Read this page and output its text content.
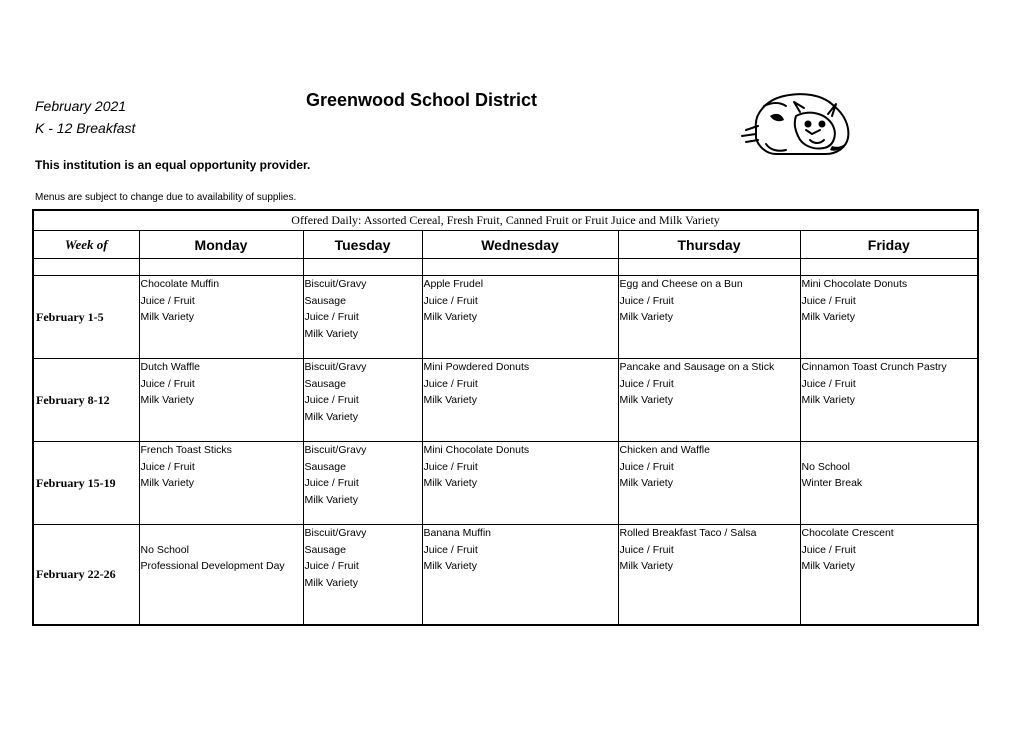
February 2021
K - 12 Breakfast
Greenwood School District
This institution is an equal opportunity provider.
Menus are subject to change due to availability of supplies.
Offered Daily: Assorted Cereal, Fresh Fruit, Canned Fruit or Fruit Juice and Milk Variety					
Week of	Monday	Tuesday	Wednesday	Thursday	Friday

February 1-5	Chocolate Muffin
Juice / Fruit
Milk Variety	Biscuit/Gravy
Sausage
Juice / Fruit
Milk Variety	Apple Frudel
Juice / Fruit
Milk Variety	Egg and Cheese on a Bun
Juice / Fruit
Milk Variety	Mini Chocolate Donuts
Juice / Fruit
Milk Variety

February 8-12	Dutch Waffle
Juice / Fruit
Milk Variety	Biscuit/Gravy
Sausage
Juice / Fruit
Milk Variety	Mini Powdered Donuts
Juice / Fruit
Milk Variety	Pancake and Sausage on a Stick
Juice / Fruit
Milk Variety	Cinnamon Toast Crunch Pastry
Juice / Fruit
Milk Variety

February 15-19	French Toast Sticks
Juice / Fruit
Milk Variety	Biscuit/Gravy
Sausage
Juice / Fruit
Milk Variety	Mini Chocolate Donuts
Juice / Fruit
Milk Variety	Chicken and Waffle
Juice / Fruit
Milk Variety	No School
Winter Break

February 22-26	No School
Professional Development Day	Biscuit/Gravy
Sausage
Juice / Fruit
Milk Variety	Banana Muffin
Juice / Fruit
Milk Variety	Rolled Breakfast Taco / Salsa
Juice / Fruit
Milk Variety	Chocolate Crescent
Juice / Fruit
Milk Variety
